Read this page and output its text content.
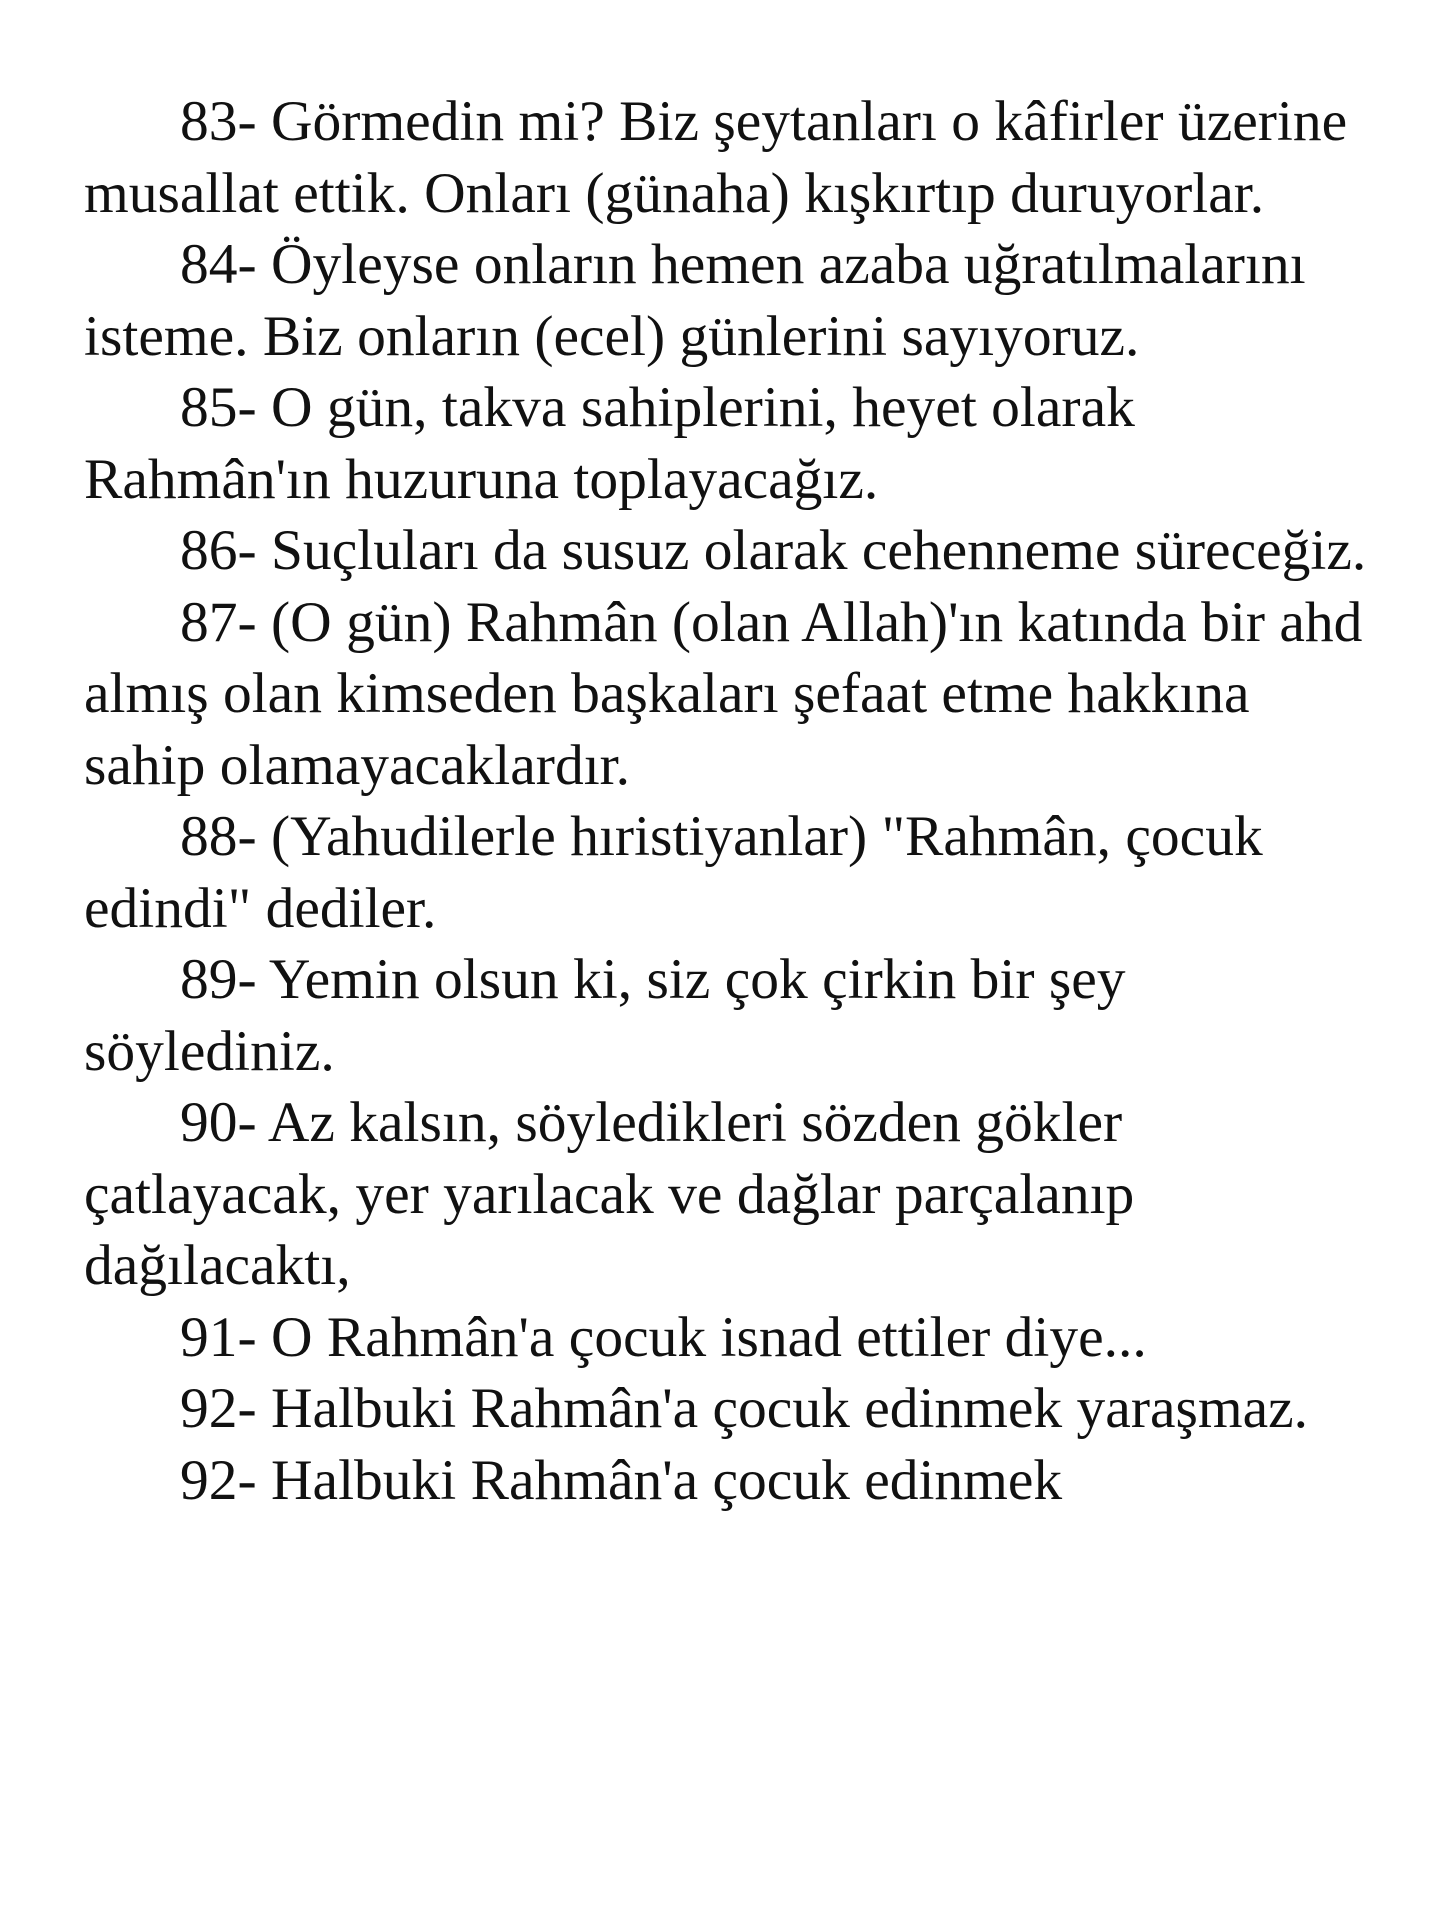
83- Görmedin mi? Biz şeytanları o kâfirler üzerine musallat ettik. Onları (günaha) kışkırtıp duruyorlar.

84- Öyleyse onların hemen azaba uğratılmalarını isteme. Biz onların (ecel) günlerini sayıyoruz.

85- O gün, takva sahiplerini, heyet olarak Rahmân'ın huzuruna toplayacağız.

86- Suçluları da susuz olarak cehenneme süreceğiz.

87- (O gün) Rahmân (olan Allah)'ın katında bir ahd almış olan kimseden başkaları şefaat etme hakkına sahip olamayacaklardır.

88- (Yahudilerle hıristiyanlar) "Rahmân, çocuk edindi" dediler.

89- Yemin olsun ki, siz çok çirkin bir şey söylediniz.

90- Az kalsın, söyledikleri sözden gökler çatlayacak, yer yarılacak ve dağlar parçalanıp dağılacaktı,

91- O Rahmân'a çocuk isnad ettiler diye...

92- Halbuki Rahmân'a çocuk edinmek yaraşmaz.

92- Halbuki Rahmân'a çocuk edinmek
